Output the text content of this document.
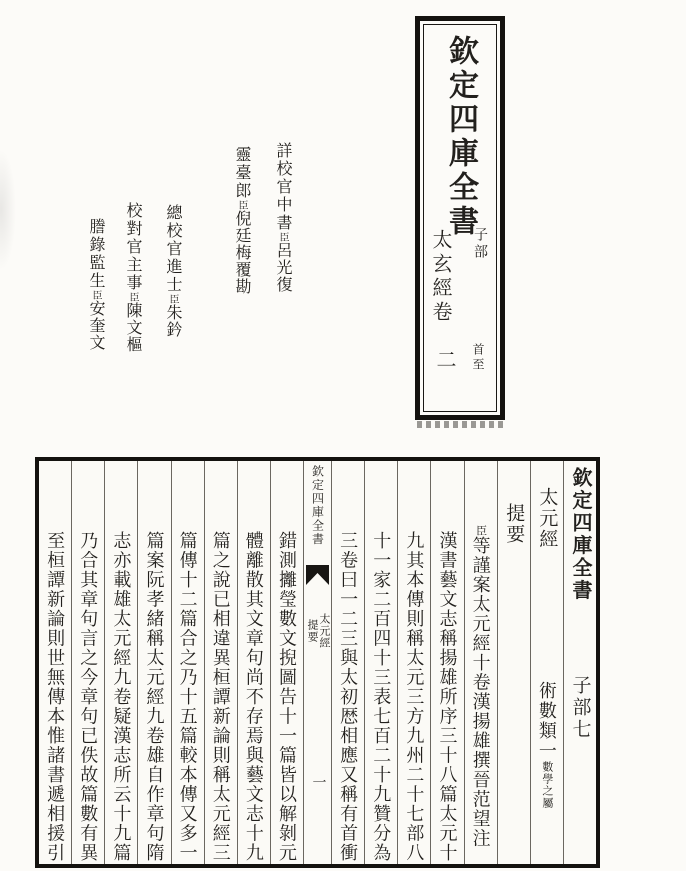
欽定四庫全書
子部
太玄經卷
首至
二
詳校官中書臣呂光復
靈臺郎臣倪廷梅覆勘
總校官進士臣朱鈐
校對官主事臣陳文樞
謄錄監生臣安奎文
欽定四庫全書
子部七
太元經
術數類一數學之屬
提要
臣等謹案太元經十卷漢揚雄撰晉范望注
漢書藝文志稱揚雄所序三十八篇太元十
九其本傳則稱太元三方九州二十七部八
十一家二百四十三表七百二十九贊分為
三卷曰一二三與太初厯相應又稱有首衝
欽定四庫全書
太元經
提要
一
錯測攡瑩數文掜圖告十一篇皆以解剝元
體離散其文章句尚不存焉與藝文志十九
篇之說已相違異桓譚新論則稱太元經三
篇傳十二篇合之乃十五篇較本傳又多一
篇案阮孝緒稱太元經九卷雄自作章句隋
志亦載雄太元經九卷疑漢志所云十九篇
乃合其章句言之今章句已佚故篇數有異
至桓譚新論則世無傳本惟諸書遞相援引
